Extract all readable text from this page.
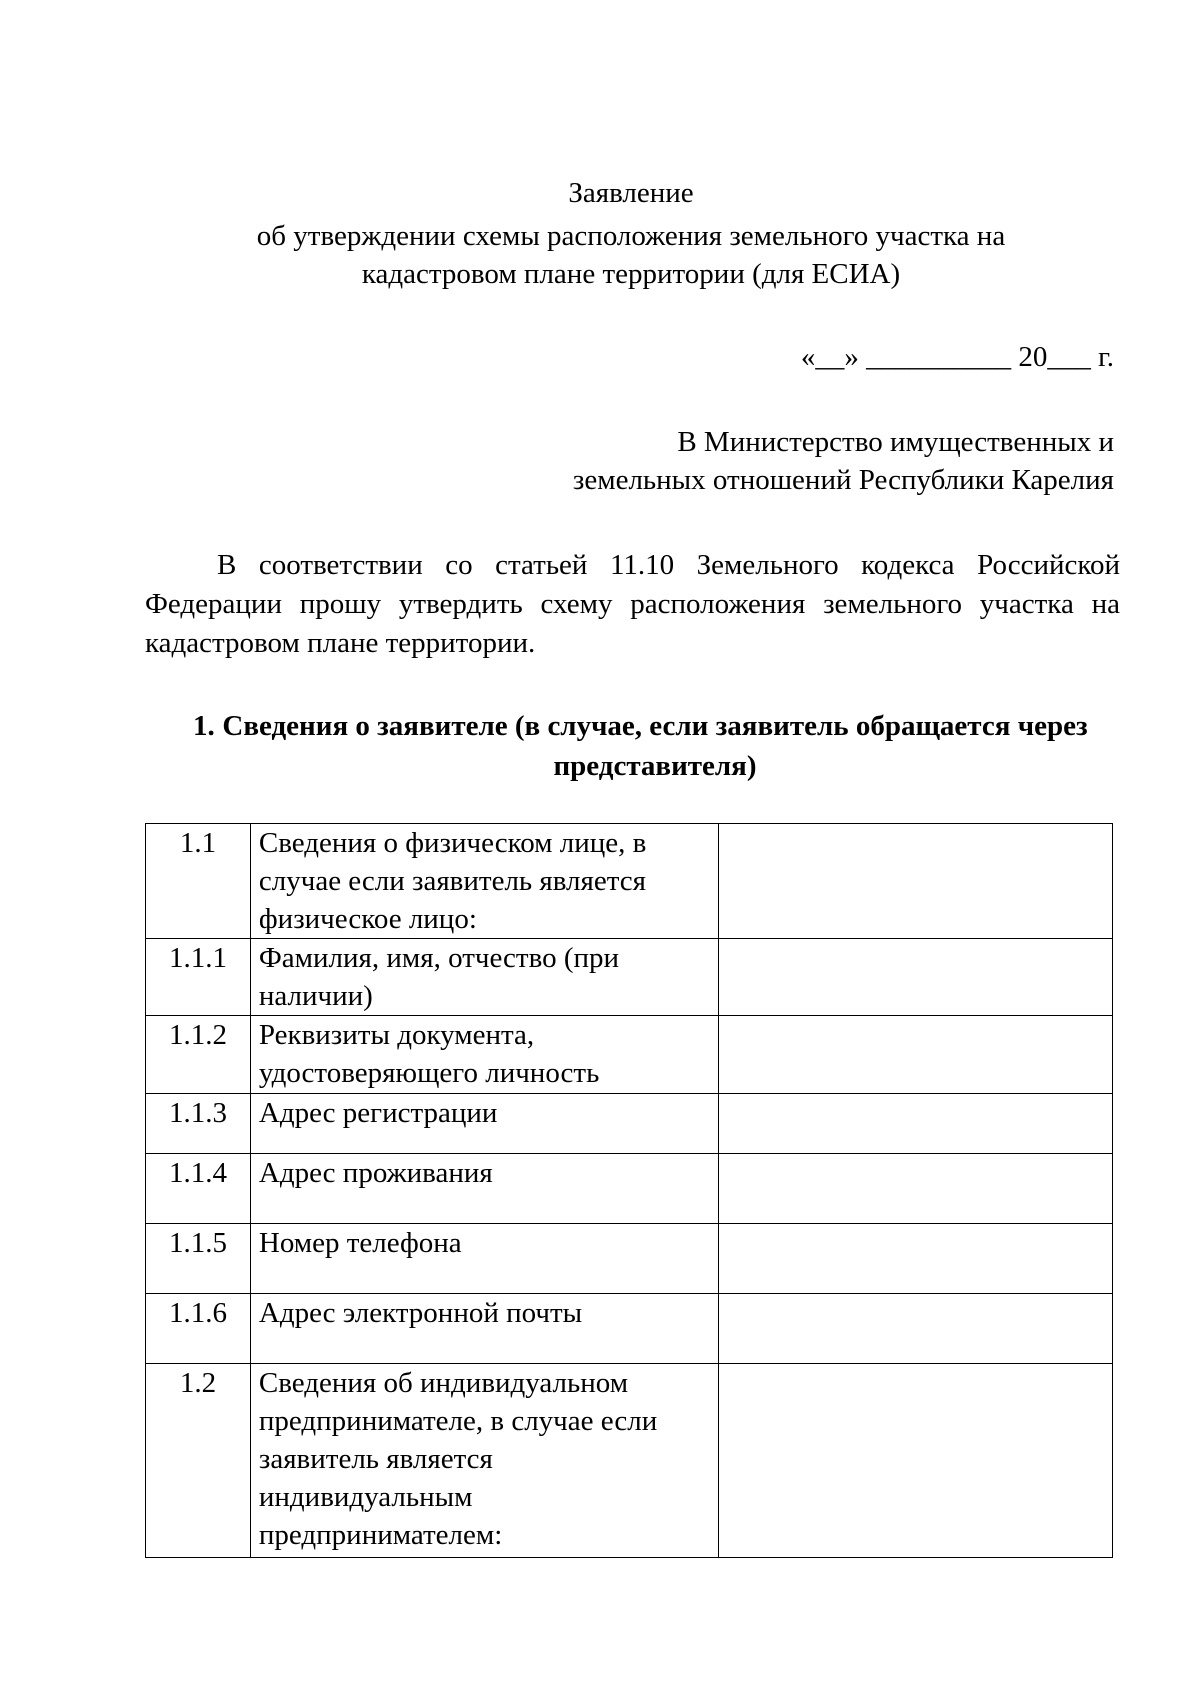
Заявление
об утверждении схемы расположения земельного участка на
кадастровом плане территории (для ЕСИА)
«__» __________ 20___ г.
В Министерство имущественных и
земельных отношений Республики Карелия
В соответствии со статьей 11.10 Земельного кодекса Российской Федерации прошу утвердить схему расположения земельного участка на кадастровом плане территории.
1. Сведения о заявителе (в случае, если заявитель обращается через представителя)
1.1	Сведения о физическом лице, в случае если заявитель является физическое лицо:	
1.1.1	Фамилия, имя, отчество (при наличии)	
1.1.2	Реквизиты документа, удостоверяющего личность	
1.1.3	Адрес регистрации	
1.1.4	Адрес проживания	
1.1.5	Номер телефона	
1.1.6	Адрес электронной почты	
1.2	Сведения об индивидуальном предпринимателе, в случае если заявитель является индивидуальным предпринимателем:	
